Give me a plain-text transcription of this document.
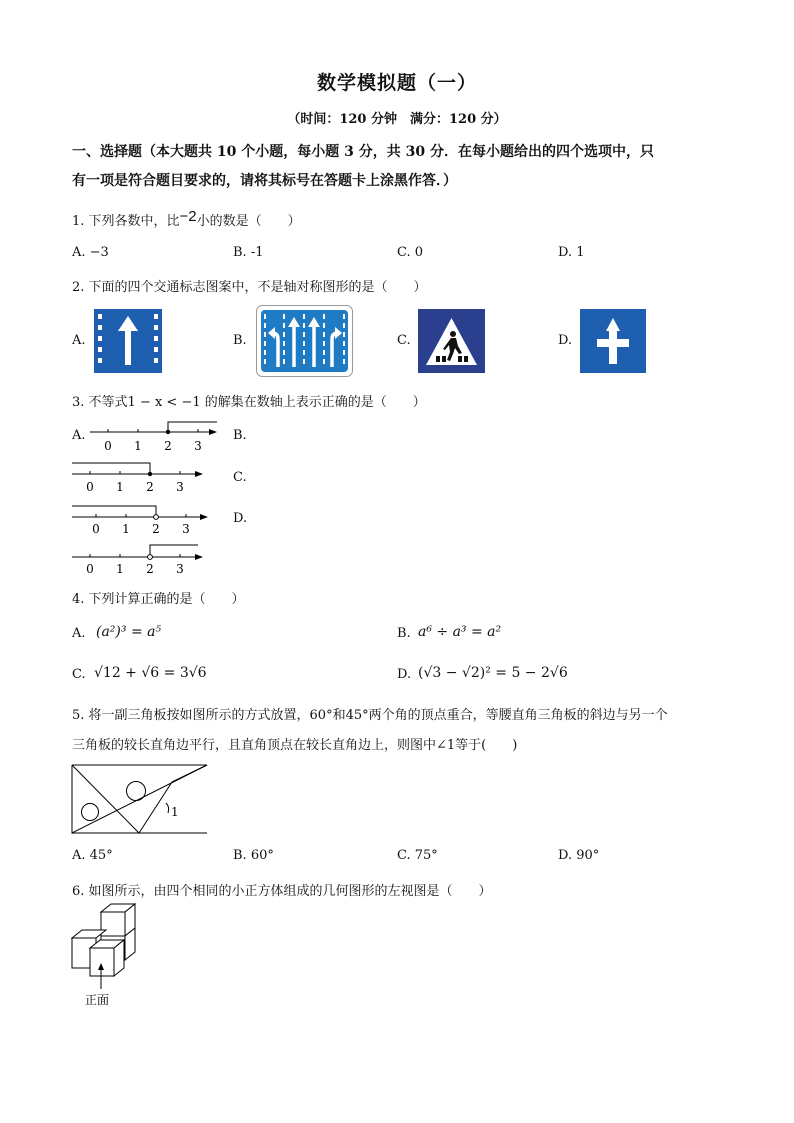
数学模拟题（一）
（时间：120 分钟　满分：120 分）
一、选择题（本大题共 10 个小题，每小题 3 分，共 30 分．在每小题给出的四个选项中，只
有一项是符合题目要求的，请将其标号在答题卡上涂黑作答．）
1. 下列各数中，比−2小的数是（　　）
A. −3	B. -1	C. 0	D. 1
2. 下面的四个交通标志图案中，不是轴对称图形的是（　　）
A.	B.	C.	D.
3. 不等式1 − x < −1 的解集在数轴上表示正确的是（　　）
A.	B.
C.
D.
0 1 2 3
0 1 2 3
0 1 2 3
0 1 2 3
4. 下列计算正确的是（　　）
A. (a²)³ = a⁵	B. a⁶ ÷ a³ = a²
C. √12 + √6 = 3√6	D. (√3 − √2)² = 5 − 2√6
5. 将一副三角板按如图所示的方式放置，60°和45°两个角的顶点重合，等腰直角三角板的斜边与另一个
三角板的较长直角边平行，且直角顶点在较长直角边上，则图中∠1等于(　　)
1
A. 45°	B. 60°	C. 75°	D. 90°
6. 如图所示，由四个相同的小正方体组成的几何图形的左视图是（　　）
正面
